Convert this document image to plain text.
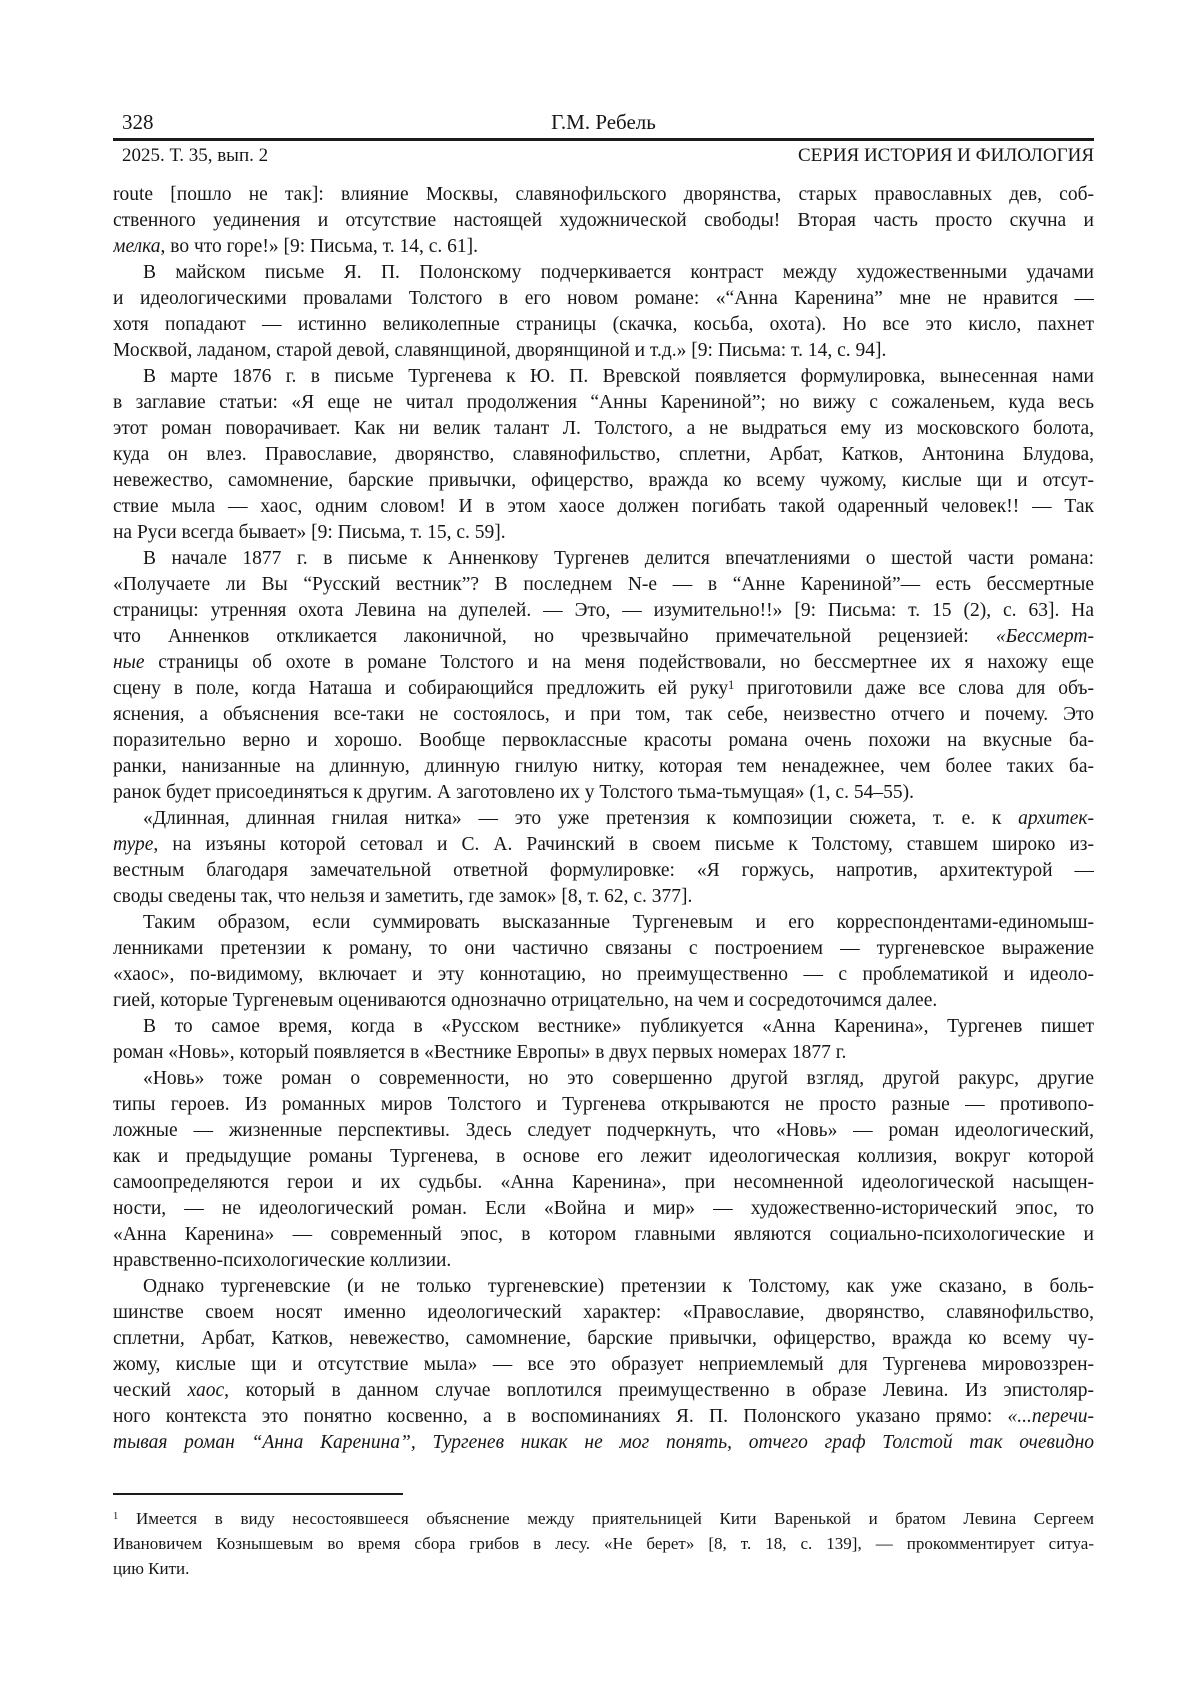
328	Г.М. Ребель
2025. Т. 35, вып. 2	СЕРИЯ ИСТОРИЯ И ФИЛОЛОГИЯ
route [пошло не так]: влияние Москвы, славянофильского дворянства, старых православных дев, соб-
ственного уединения и отсутствие настоящей художнической свободы! Вторая часть просто скучна и
мелка, во что горе!» [9: Письма, т. 14, с. 61].
В майском письме Я. П. Полонскому подчеркивается контраст между художественными удачами
и идеологическими провалами Толстого в его новом романе: «“Анна Каренина” мне не нравится —
хотя попадают — истинно великолепные страницы (скачка, косьба, охота). Но все это кисло, пахнет
Москвой, ладаном, старой девой, славянщиной, дворянщиной и т.д.» [9: Письма: т. 14, с. 94].
В марте 1876 г. в письме Тургенева к Ю. П. Вревской появляется формулировка, вынесенная нами
в заглавие статьи: «Я еще не читал продолжения “Анны Карениной”; но вижу с сожаленьем, куда весь
этот роман поворачивает. Как ни велик талант Л. Толстого, а не выдраться ему из московского болота,
куда он влез. Православие, дворянство, славянофильство, сплетни, Арбат, Катков, Антонина Блудова,
невежество, самомнение, барские привычки, офицерство, вражда ко всему чужому, кислые щи и отсут-
ствие мыла — хаос, одним словом! И в этом хаосе должен погибать такой одаренный человек!! — Так
на Руси всегда бывает» [9: Письма, т. 15, с. 59].
В начале 1877 г. в письме к Анненкову Тургенев делится впечатлениями о шестой части романа:
«Получаете ли Вы “Русский вестник”? В последнем N-е — в “Анне Карениной”— есть бессмертные
страницы: утренняя охота Левина на дупелей. — Это, — изумительно!!» [9: Письма: т. 15 (2), с. 63]. На
что Анненков откликается лаконичной, но чрезвычайно примечательной рецензией: «Бессмерт-
ные страницы об охоте в романе Толстого и на меня подействовали, но бессмертнее их я нахожу еще
сцену в поле, когда Наташа и собирающийся предложить ей руку$^1$ приготовили даже все слова для объ-
яснения, а объяснения все-таки не состоялось, и при том, так себе, неизвестно отчего и почему. Это
поразительно верно и хорошо. Вообще первоклассные красоты романа очень похожи на вкусные ба-
ранки, нанизанные на длинную, длинную гнилую нитку, которая тем ненадежнее, чем более таких ба-
ранок будет присоединяться к другим. А заготовлено их у Толстого тьма-тьмущая» (1, с. 54–55).
«Длинная, длинная гнилая нитка» — это уже претензия к композиции сюжета, т. е. к архитек-
туре, на изъяны которой сетовал и С. А. Рачинский в своем письме к Толстому, ставшем широко из-
вестным благодаря замечательной ответной формулировке: «Я горжусь, напротив, архитектурой —
своды сведены так, что нельзя и заметить, где замок» [8, т. 62, с. 377].
Таким образом, если суммировать высказанные Тургеневым и его корреспондентами-единомыш-
ленниками претензии к роману, то они частично связаны с построением — тургеневское выражение
«хаос», по-видимому, включает и эту коннотацию, но преимущественно — с проблематикой и идеоло-
гией, которые Тургеневым оцениваются однозначно отрицательно, на чем и сосредоточимся далее.
В то самое время, когда в «Русском вестнике» публикуется «Анна Каренина», Тургенев пишет
роман «Новь», который появляется в «Вестнике Европы» в двух первых номерах 1877 г.
«Новь» тоже роман о современности, но это совершенно другой взгляд, другой ракурс, другие
типы героев. Из романных миров Толстого и Тургенева открываются не просто разные — противопо-
ложные — жизненные перспективы. Здесь следует подчеркнуть, что «Новь» — роман идеологический,
как и предыдущие романы Тургенева, в основе его лежит идеологическая коллизия, вокруг которой
самоопределяются герои и их судьбы. «Анна Каренина», при несомненной идеологической насыщен-
ности, — не идеологический роман. Если «Война и мир» — художественно-исторический эпос, то
«Анна Каренина» — современный эпос, в котором главными являются социально-психологические и
нравственно-психологические коллизии.
Однако тургеневские (и не только тургеневские) претензии к Толстому, как уже сказано, в боль-
шинстве своем носят именно идеологический характер: «Православие, дворянство, славянофильство,
сплетни, Арбат, Катков, невежество, самомнение, барские привычки, офицерство, вражда ко всему чу-
жому, кислые щи и отсутствие мыла» — все это образует неприемлемый для Тургенева мировоззрен-
ческий хаос, который в данном случае воплотился преимущественно в образе Левина. Из эпистоляр-
ного контекста это понятно косвенно, а в воспоминаниях Я. П. Полонского указано прямо: «...перечи-
тывая роман “Анна Каренина”, Тургенев никак не мог понять, отчего граф Толстой так очевидно
$^1$ Имеется в виду несостоявшееся объяснение между приятельницей Кити Варенькой и братом Левина Сергеем
Ивановичем Кознышевым во время сбора грибов в лесу. «Не берет» [8, т. 18, с. 139], — прокомментирует ситуа-
цию Кити.
